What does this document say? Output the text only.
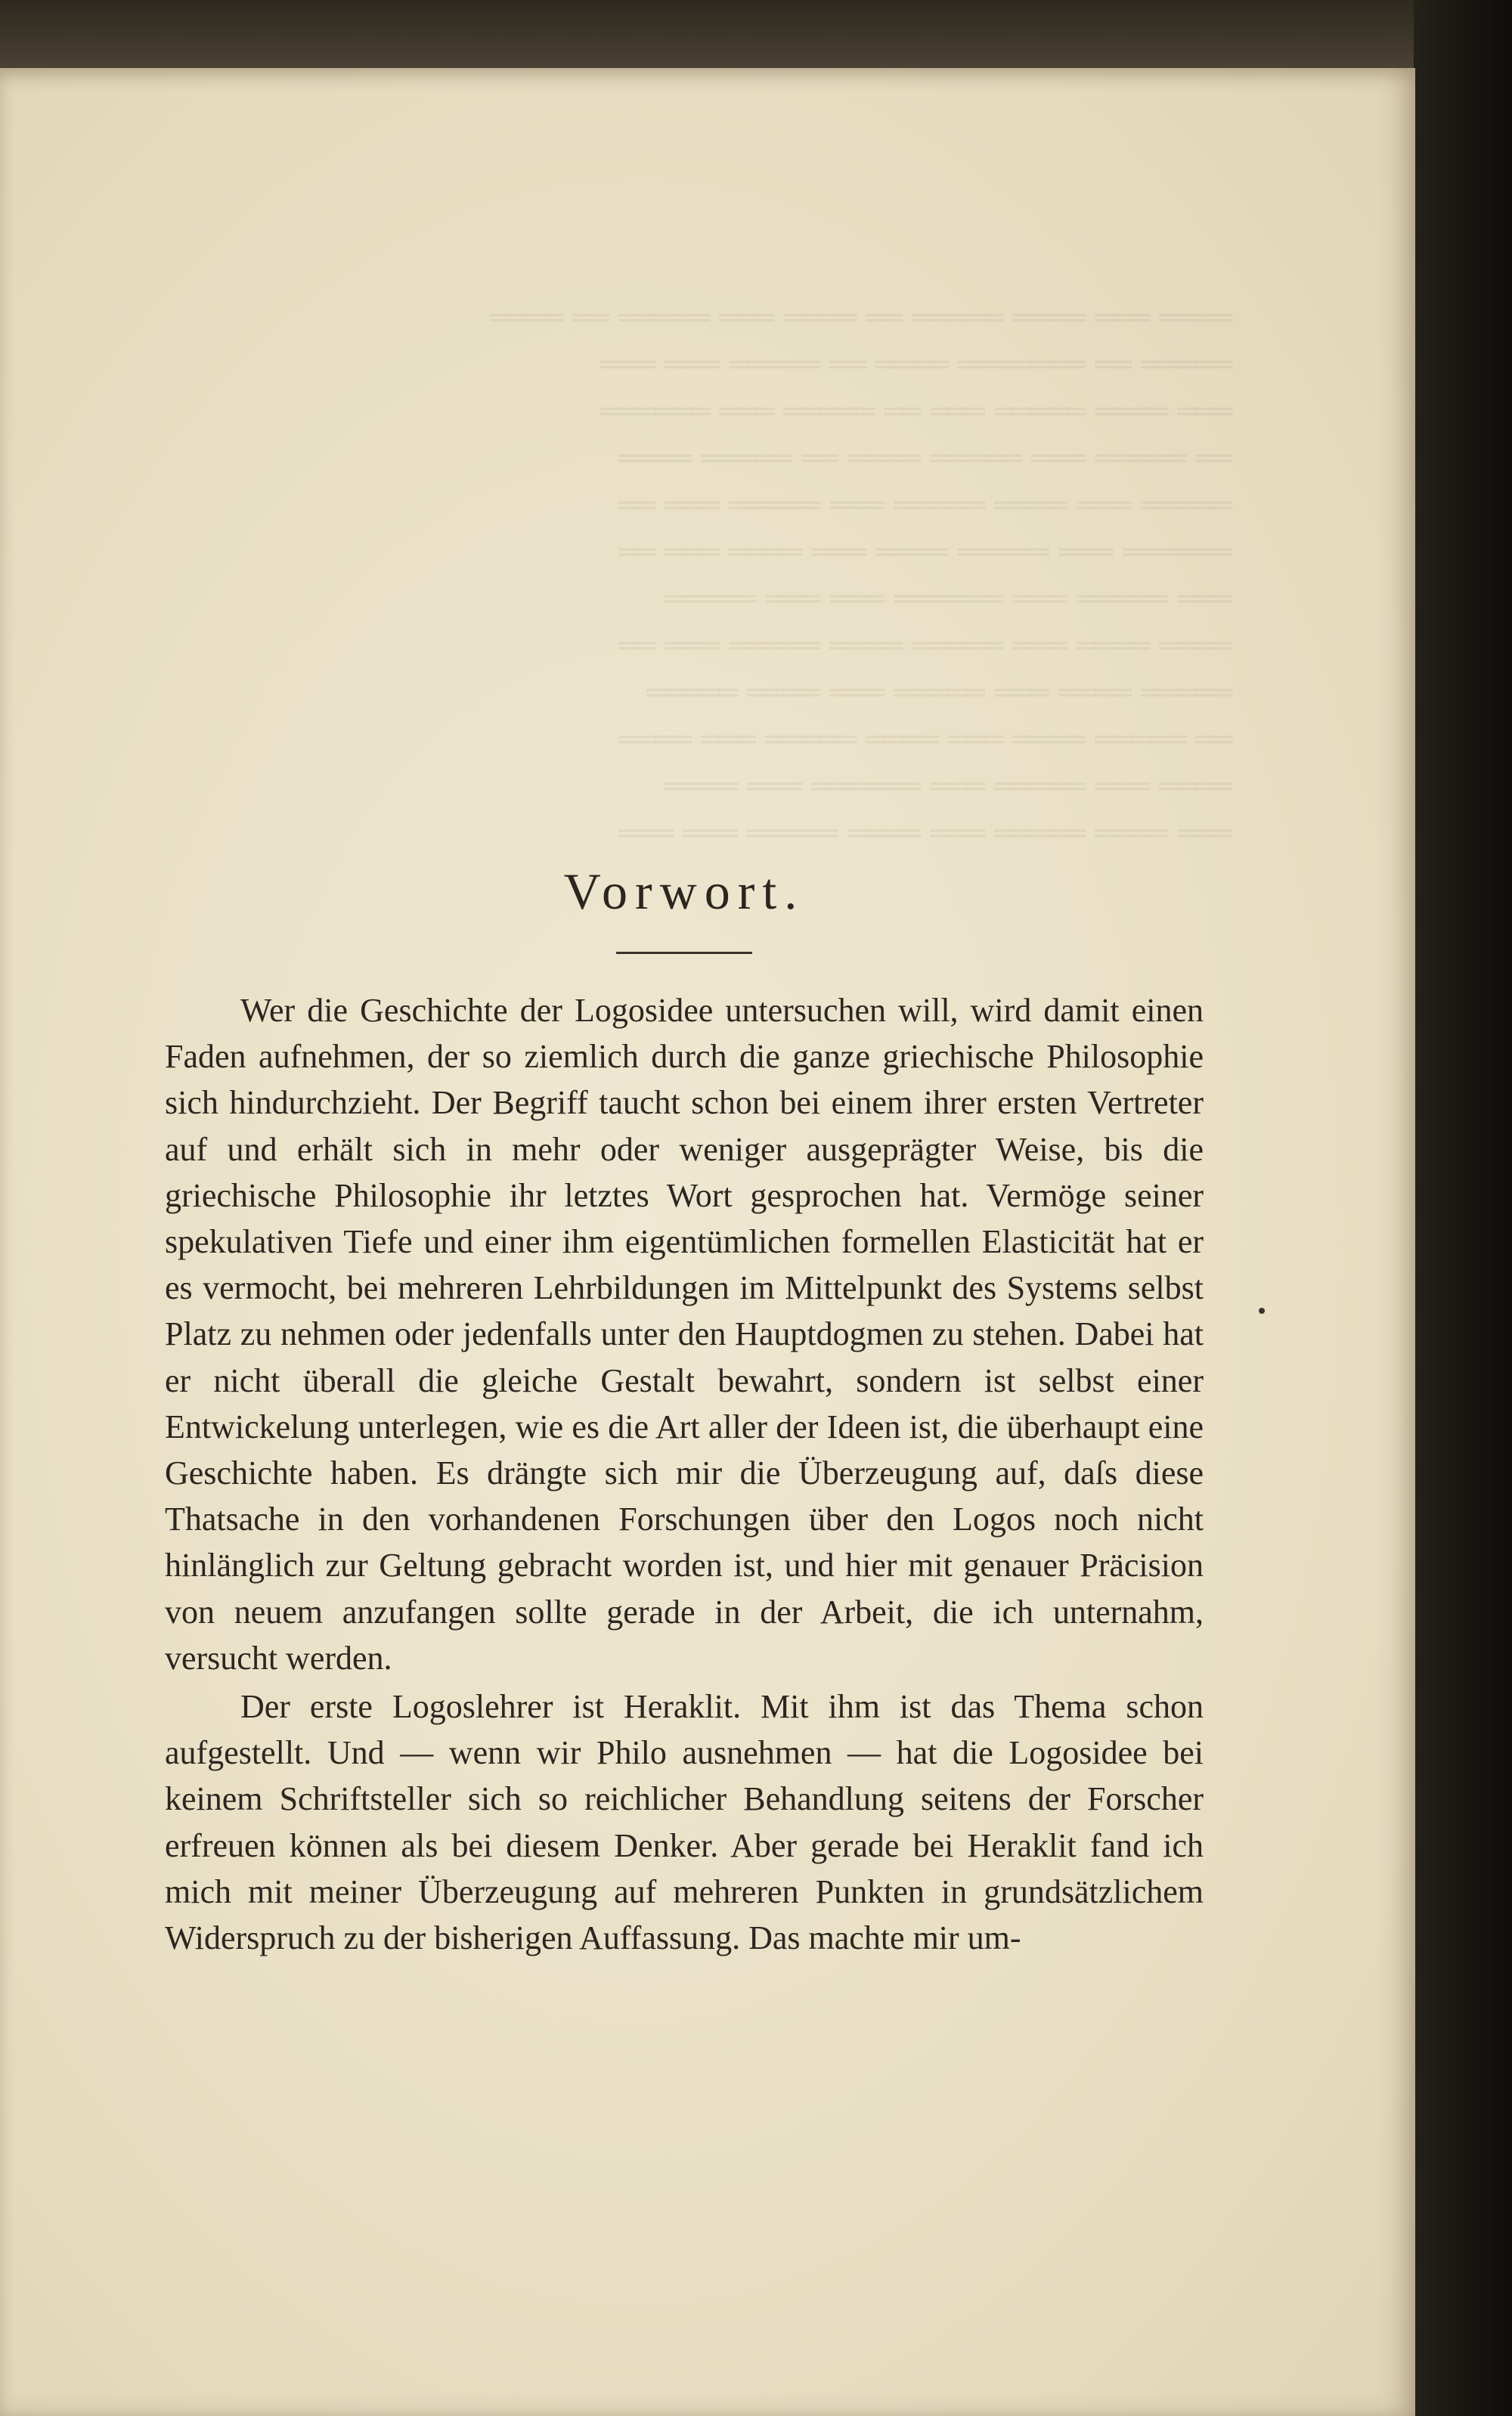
════ ═══ ════ ═════ ══ ════ ═══ ═════ ══ ════
═════ ══ ═══════ ════ ══ ═════ ═══ ═══
═══ ════ ═════ ═══ ══ ═════ ═══ ══════
══ ═════ ═══ ═════ ════ ══ ═════ ════
═════ ═══ ════ ═════ ═══ ═════ ═══ ══
══════ ═══ ═════ ════ ═══ ════ ═══ ══
═══ ═════ ═══ ══════ ═══ ═══ ═════
════ ════ ═══ ═════ ════ ═════ ═══ ══
═════ ════ ═══ ═════ ═══ ════ ═════
══ ═════ ════ ═══ ════ ═════ ═══ ════
════ ═══ ═════ ═══ ══════ ═══ ════
═══ ════ ═════ ═══ ════ ═════ ═══ ═══
Vorwort.

Wer die Geschichte der Logosidee untersuchen will, wird damit einen Faden aufnehmen, der so ziemlich durch die ganze griechische Philosophie sich hindurchzieht. Der Begriff taucht schon bei einem ihrer ersten Vertreter auf und erhält sich in mehr oder weniger ausgeprägter Weise, bis die griechische Philosophie ihr letztes Wort gesprochen hat. Vermöge seiner spekulativen Tiefe und einer ihm eigentümlichen formellen Elasticität hat er es vermocht, bei mehreren Lehrbildungen im Mittelpunkt des Systems selbst Platz zu nehmen oder jedenfalls unter den Hauptdogmen zu stehen. Dabei hat er nicht überall die gleiche Gestalt bewahrt, sondern ist selbst einer Entwickelung unterlegen, wie es die Art aller der Ideen ist, die überhaupt eine Geschichte haben. Es drängte sich mir die Überzeugung auf, daſs diese Thatsache in den vorhandenen Forschungen über den Logos noch nicht hinlänglich zur Geltung gebracht worden ist, und hier mit genauer Präcision von neuem anzufangen sollte gerade in der Arbeit, die ich unternahm, versucht werden.

Der erste Logoslehrer ist Heraklit. Mit ihm ist das Thema schon aufgestellt. Und — wenn wir Philo ausnehmen — hat die Logosidee bei keinem Schriftsteller sich so reichlicher Behandlung seitens der Forscher erfreuen können als bei diesem Denker. Aber gerade bei Heraklit fand ich mich mit meiner Überzeugung auf mehreren Punkten in grundsätzlichem Widerspruch zu der bisherigen Auffassung. Das machte mir um-
